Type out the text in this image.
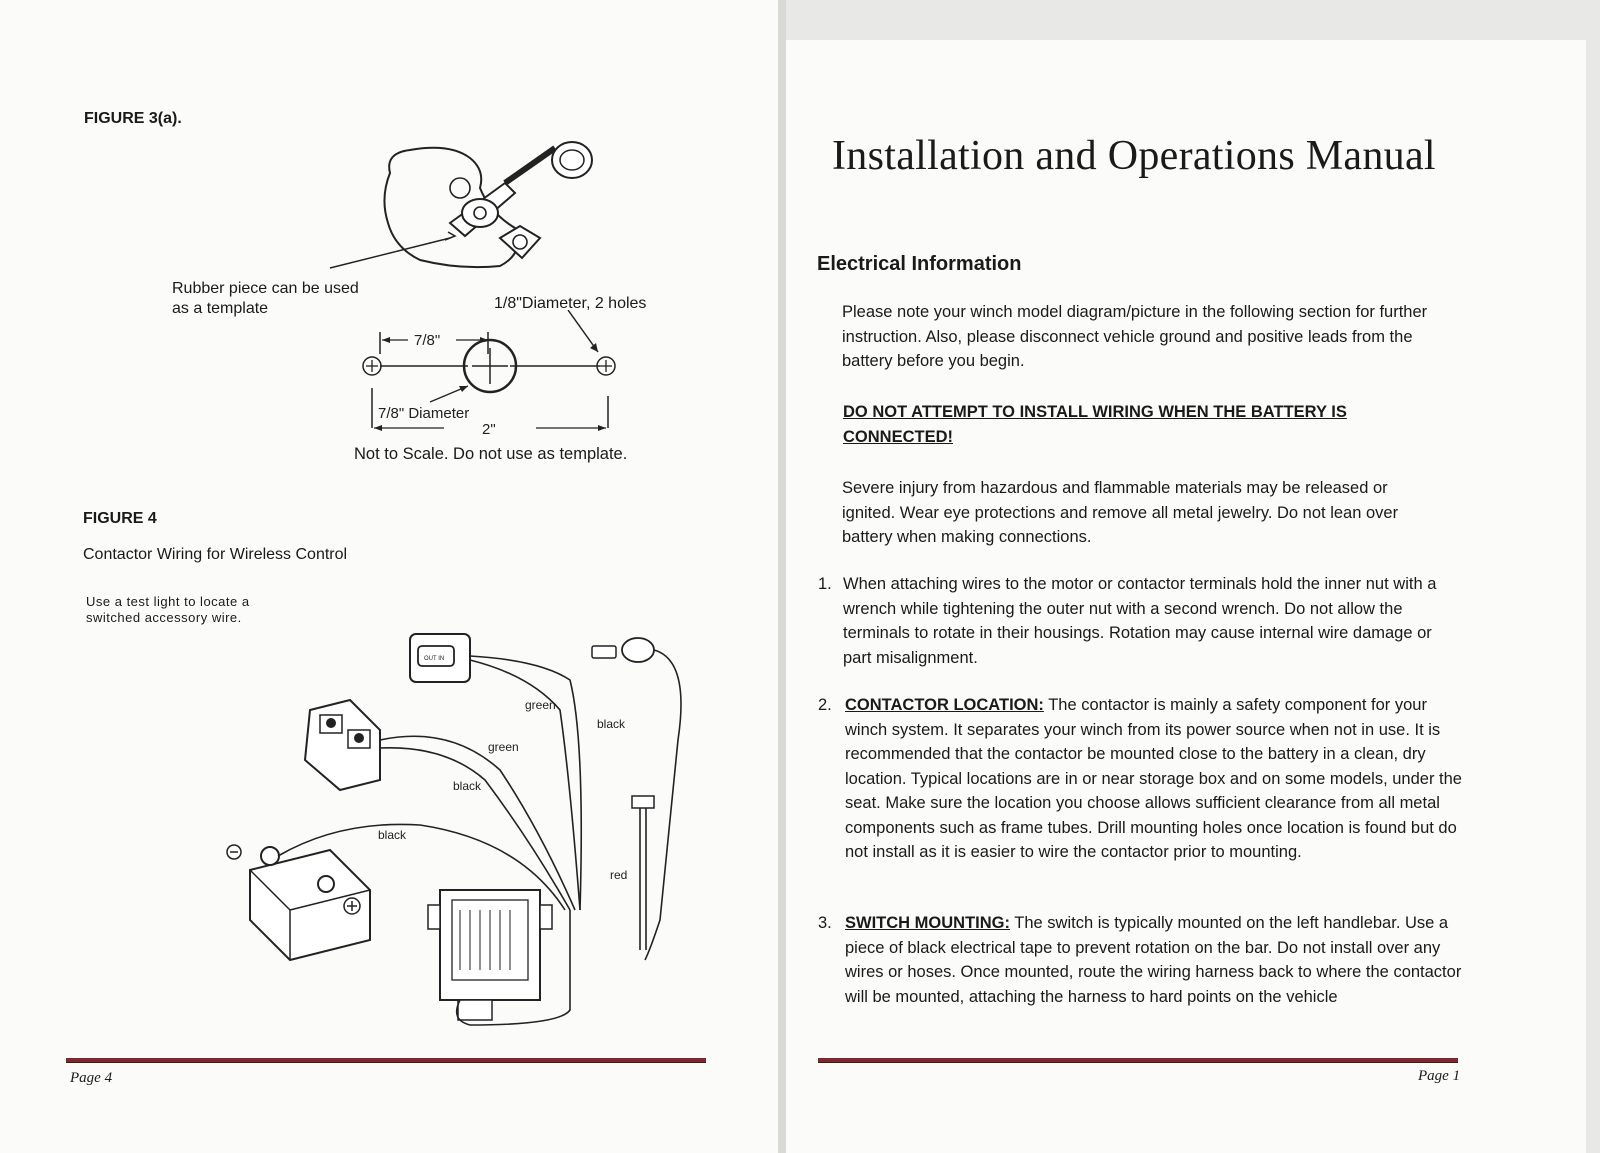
FIGURE 3(a).
Rubber piece can be used
as a template	1/8"Diameter, 2 holes
7/8"
7/8" Diameter
2"
Not to Scale. Do not use as template.
FIGURE 4
Contactor Wiring for Wireless Control
Use a test light to locate a
switched accessory wire.
OUT IN
green
green
black
black
black
red
Page 4
Installation and Operations Manual
Electrical Information
Please note your winch model diagram/picture in the following section for further instruction. Also, please disconnect vehicle ground and positive leads from the battery before you begin.
DO NOT ATTEMPT TO INSTALL WIRING WHEN THE BATTERY IS CONNECTED!
Severe injury from hazardous and flammable materials may be released or ignited. Wear eye protections and remove all metal jewelry. Do not lean over battery when making connections.
1. When attaching wires to the motor or contactor terminals hold the inner nut with a wrench while tightening the outer nut with a second wrench. Do not allow the terminals to rotate in their housings. Rotation may cause internal wire damage or part misalignment.
2. CONTACTOR LOCATION: The contactor is mainly a safety component for your winch system. It separates your winch from its power source when not in use. It is recommended that the contactor be mounted close to the battery in a clean, dry location. Typical locations are in or near storage box and on some models, under the seat. Make sure the location you choose allows sufficient clearance from all metal components such as frame tubes. Drill mounting holes once location is found but do not install as it is easier to wire the contactor prior to mounting.
3. SWITCH MOUNTING: The switch is typically mounted on the left handlebar. Use a piece of black electrical tape to prevent rotation on the bar. Do not install over any wires or hoses. Once mounted, route the wiring harness back to where the contactor will be mounted, attaching the harness to hard points on the vehicle
Page 1
